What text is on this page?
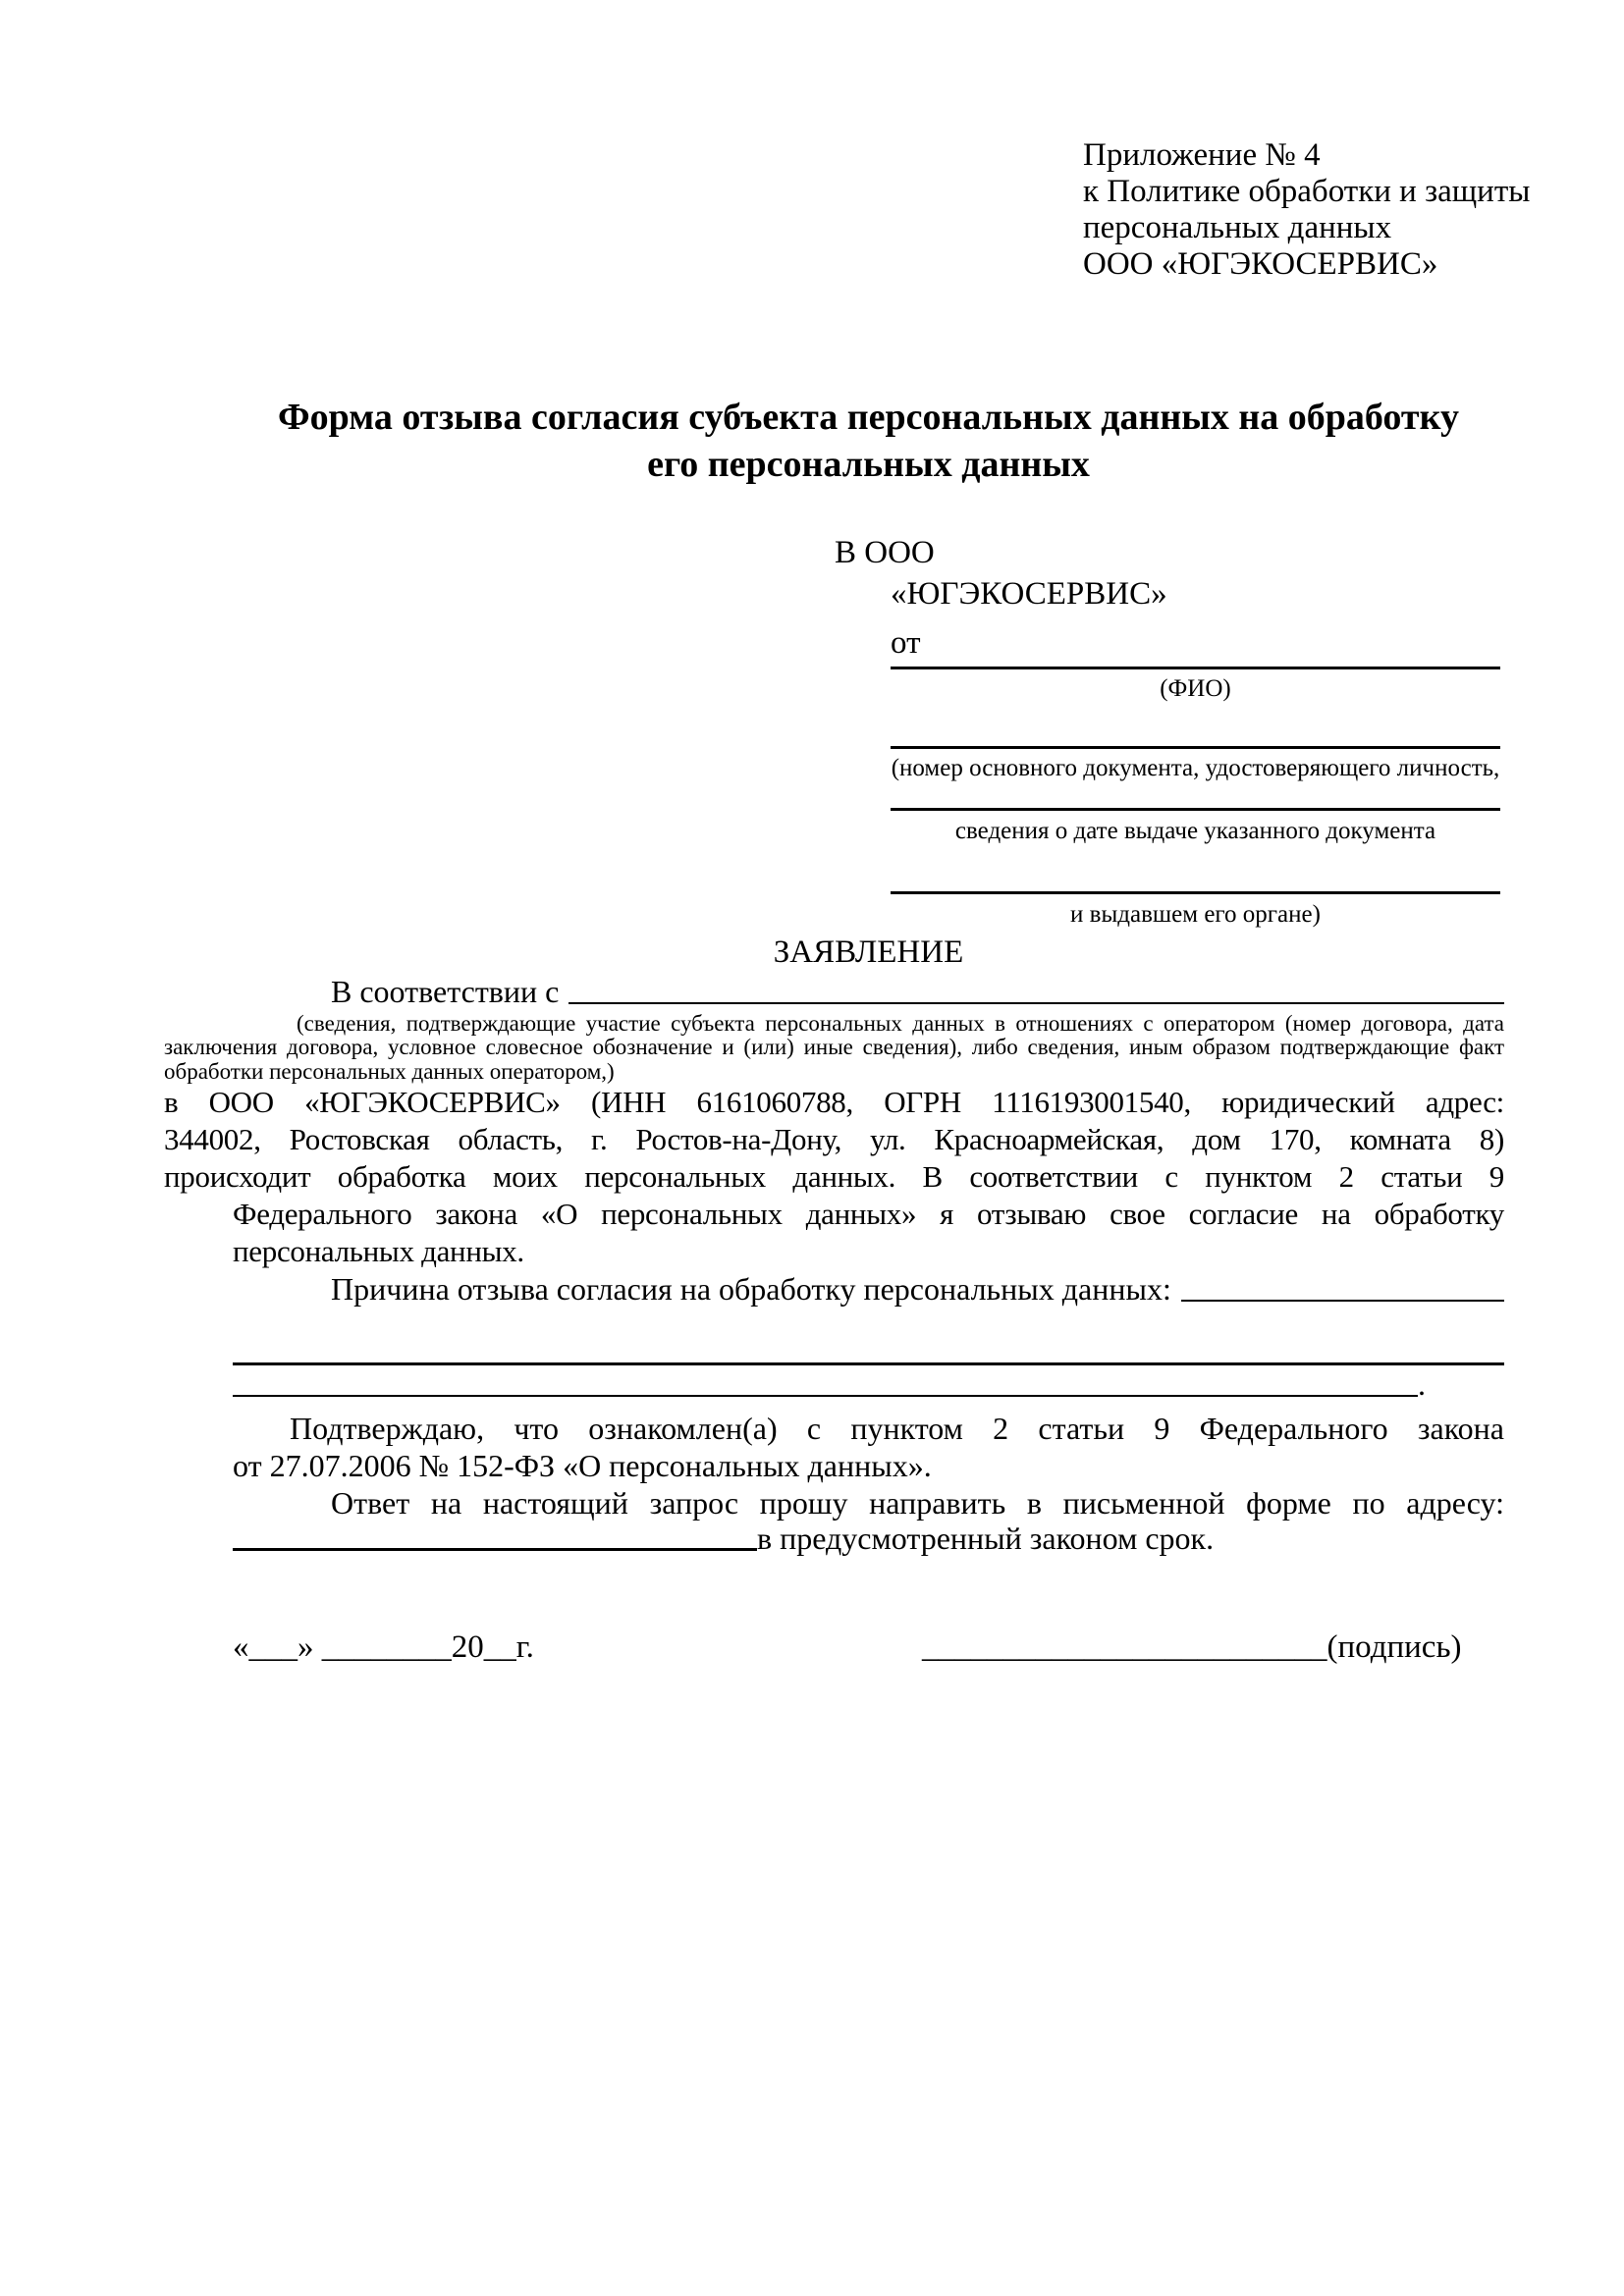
Приложение № 4
к Политике обработки и защиты
персональных данных
ООО «ЮГЭКОСЕРВИС»
Форма отзыва согласия субъекта персональных данных на обработку
его персональных данных
В ООО
«ЮГЭКОСЕРВИС»
от
(ФИО)
(номер основного документа, удостоверяющего личность,
сведения о дате выдаче указанного документа
и выдавшем его органе)
ЗАЯВЛЕНИЕ
В соответствии с
(сведения, подтверждающие участие субъекта персональных данных в отношениях с оператором (номер договора, дата
заключения договора, условное словесное обозначение и (или) иные сведения), либо сведения, иным образом подтверждающие факт
обработки персональных данных оператором,)
в ООО «ЮГЭКОСЕРВИС» (ИНН 6161060788, ОГРН 1116193001540, юридический адрес:
344002, Ростовская область, г. Ростов-на-Дону, ул. Красноармейская, дом 170, комната 8)
происходит обработка моих персональных данных. В соответствии с пунктом 2 статьи 9
Федерального закона «О персональных данных» я отзываю свое согласие на обработку
персональных данных.
Причина отзыва согласия на обработку персональных данных:
.
Подтверждаю, что ознакомлен(а) с пунктом 2 статьи 9 Федерального закона
от 27.07.2006 № 152-ФЗ «О персональных данных».
Ответ на настоящий запрос прошу направить в письменной форме по адресу:
в предусмотренный законом срок.
«___» ________20__г.	_________________________(подпись)
